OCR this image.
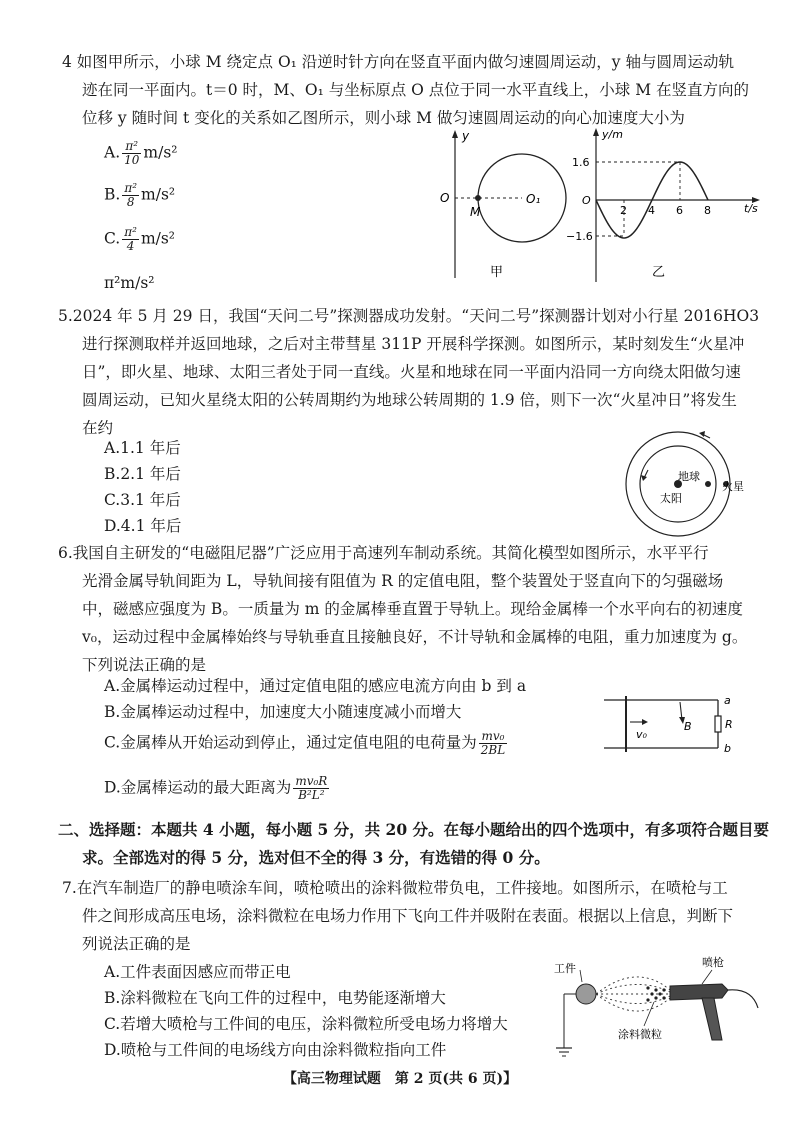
4 如图甲所示，小球 M 绕定点 O₁ 沿逆时针方向在竖直平面内做匀速圆周运动，y 轴与圆周运动轨
迹在同一平面内。t＝0 时，M、O₁ 与坐标原点 O 点位于同一水平直线上，小球 M 在竖直方向的
位移 y 随时间 t 变化的关系如乙图所示，则小球 M 做匀速圆周运动的向心加速度大小为
A. $\frac{\text{π²}}{10} m/s^2$
B. $\frac{\text{π²}}{8} m/s^2$
C. $\frac{\text{π²}}{4} m/s^2$
π²m/s²
y
O
M
O₁
甲
y/m
t/s
O
1.6
−1.6
2 4 6 8
乙
5.2024 年 5 月 29 日，我国“天问二号”探测器成功发射。“天问二号”探测器计划对小行星 2016HO3
进行探测取样并返回地球，之后对主带彗星 311P 开展科学探测。如图所示，某时刻发生“火星冲
日”，即火星、地球、太阳三者处于同一直线。火星和地球在同一平面内沿同一方向绕太阳做匀速
圆周运动，已知火星绕太阳的公转周期约为地球公转周期的 1.9 倍，则下一次“火星冲日”将发生
在约
A.1.1 年后
B.2.1 年后
C.3.1 年后
D.4.1 年后
地球
太阳
火星
6.我国自主研发的“电磁阻尼器”广泛应用于高速列车制动系统。其简化模型如图所示，水平平行
光滑金属导轨间距为 L，导轨间接有阻值为 R 的定值电阻，整个装置处于竖直向下的匀强磁场
中，磁感应强度为 B。一质量为 m 的金属棒垂直置于导轨上。现给金属棒一个水平向右的初速度
v₀，运动过程中金属棒始终与导轨垂直且接触良好，不计导轨和金属棒的电阻，重力加速度为 g。
下列说法正确的是
A.金属棒运动过程中，通过定值电阻的感应电流方向由 b 到 a
B.金属棒运动过程中，加速度大小随速度减小而增大
C.金属棒从开始运动到停止，通过定值电阻的电荷量为 $\frac{\text{mv₀}}{2BL}$
D.金属棒运动的最大距离为 $\frac{\text{mv₀R}}{\text{B²L²}}$
v₀
B
a
R
b
二、选择题：本题共 4 小题，每小题 5 分，共 20 分。在每小题给出的四个选项中，有多项符合题目要
求。全部选对的得 5 分，选对但不全的得 3 分，有选错的得 0 分。
7.在汽车制造厂的静电喷涂车间，喷枪喷出的涂料微粒带负电，工件接地。如图所示，在喷枪与工
件之间形成高压电场，涂料微粒在电场力作用下飞向工件并吸附在表面。根据以上信息，判断下
列说法正确的是
A.工件表面因感应而带正电
B.涂料微粒在飞向工件的过程中，电势能逐渐增大
C.若增大喷枪与工件间的电压，涂料微粒所受电场力将增大
D.喷枪与工件间的电场线方向由涂料微粒指向工件
工件	喷枪
涂料微粒
【高三物理试题　第 2 页(共 6 页)】
